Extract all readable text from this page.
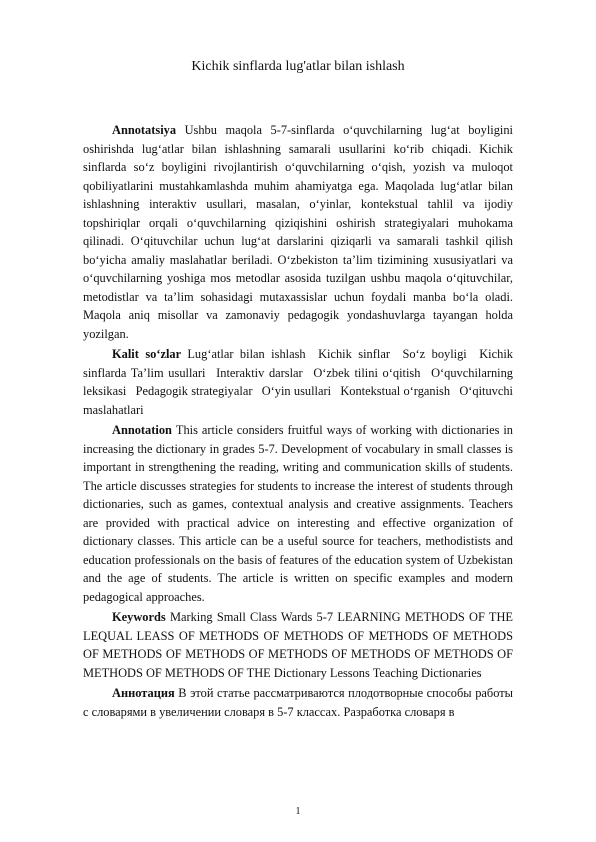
Kichik sinflarda lug'atlar bilan ishlash

Annotatsiya Ushbu maqola 5-7-sinflarda o‘quvchilarning lug‘at boyligini oshirishda lug‘atlar bilan ishlashning samarali usullarini ko‘rib chiqadi. Kichik sinflarda so‘z boyligini rivojlantirish o‘quvchilarning o‘qish, yozish va muloqot qobiliyatlarini mustahkamlashda muhim ahamiyatga ega. Maqolada lug‘atlar bilan ishlashning interaktiv usullari, masalan, o‘yinlar, kontekstual tahlil va ijodiy topshiriqlar orqali o‘quvchilarning qiziqishini oshirish strategiyalari muhokama qilinadi. O‘qituvchilar uchun lug‘at darslarini qiziqarli va samarali tashkil qilish bo‘yicha amaliy maslahatlar beriladi. O‘zbekiston ta’lim tizimining xususiyatlari va o‘quvchilarning yoshiga mos metodlar asosida tuzilgan ushbu maqola o‘qituvchilar, metodistlar va ta’lim sohasidagi mutaxassislar uchun foydali manba bo‘la oladi. Maqola aniq misollar va zamonaviy pedagogik yondashuvlarga tayangan holda yozilgan.

Kalit so‘zlar Lug‘atlar bilan ishlash Kichik sinflar So‘z boyligi Kichik sinflarda Ta’lim usullari Interaktiv darslar O‘zbek tilini o‘qitish O‘quvchilarning leksikasi Pedagogik strategiyalar O‘yin usullari Kontekstual o‘rganish O‘qituvchi maslahatlari

Annotation This article considers fruitful ways of working with dictionaries in increasing the dictionary in grades 5-7. Development of vocabulary in small classes is important in strengthening the reading, writing and communication skills of students. The article discusses strategies for students to increase the interest of students through dictionaries, such as games, contextual analysis and creative assignments. Teachers are provided with practical advice on interesting and effective organization of dictionary classes. This article can be a useful source for teachers, methodistists and education professionals on the basis of features of the education system of Uzbekistan and the age of students. The article is written on specific examples and modern pedagogical approaches.

Keywords Marking Small Class Wards 5-7 LEARNING METHODS OF THE LEQUAL LEASS OF METHODS OF METHODS OF METHODS OF METHODS OF METHODS OF METHODS OF METHODS OF METHODS OF METHODS OF METHODS OF METHODS OF THE Dictionary Lessons Teaching Dictionaries

Аннотация В этой статье рассматриваются плодотворные способы работы с словарями в увеличении словаря в 5-7 классах. Разработка словаря в

1
